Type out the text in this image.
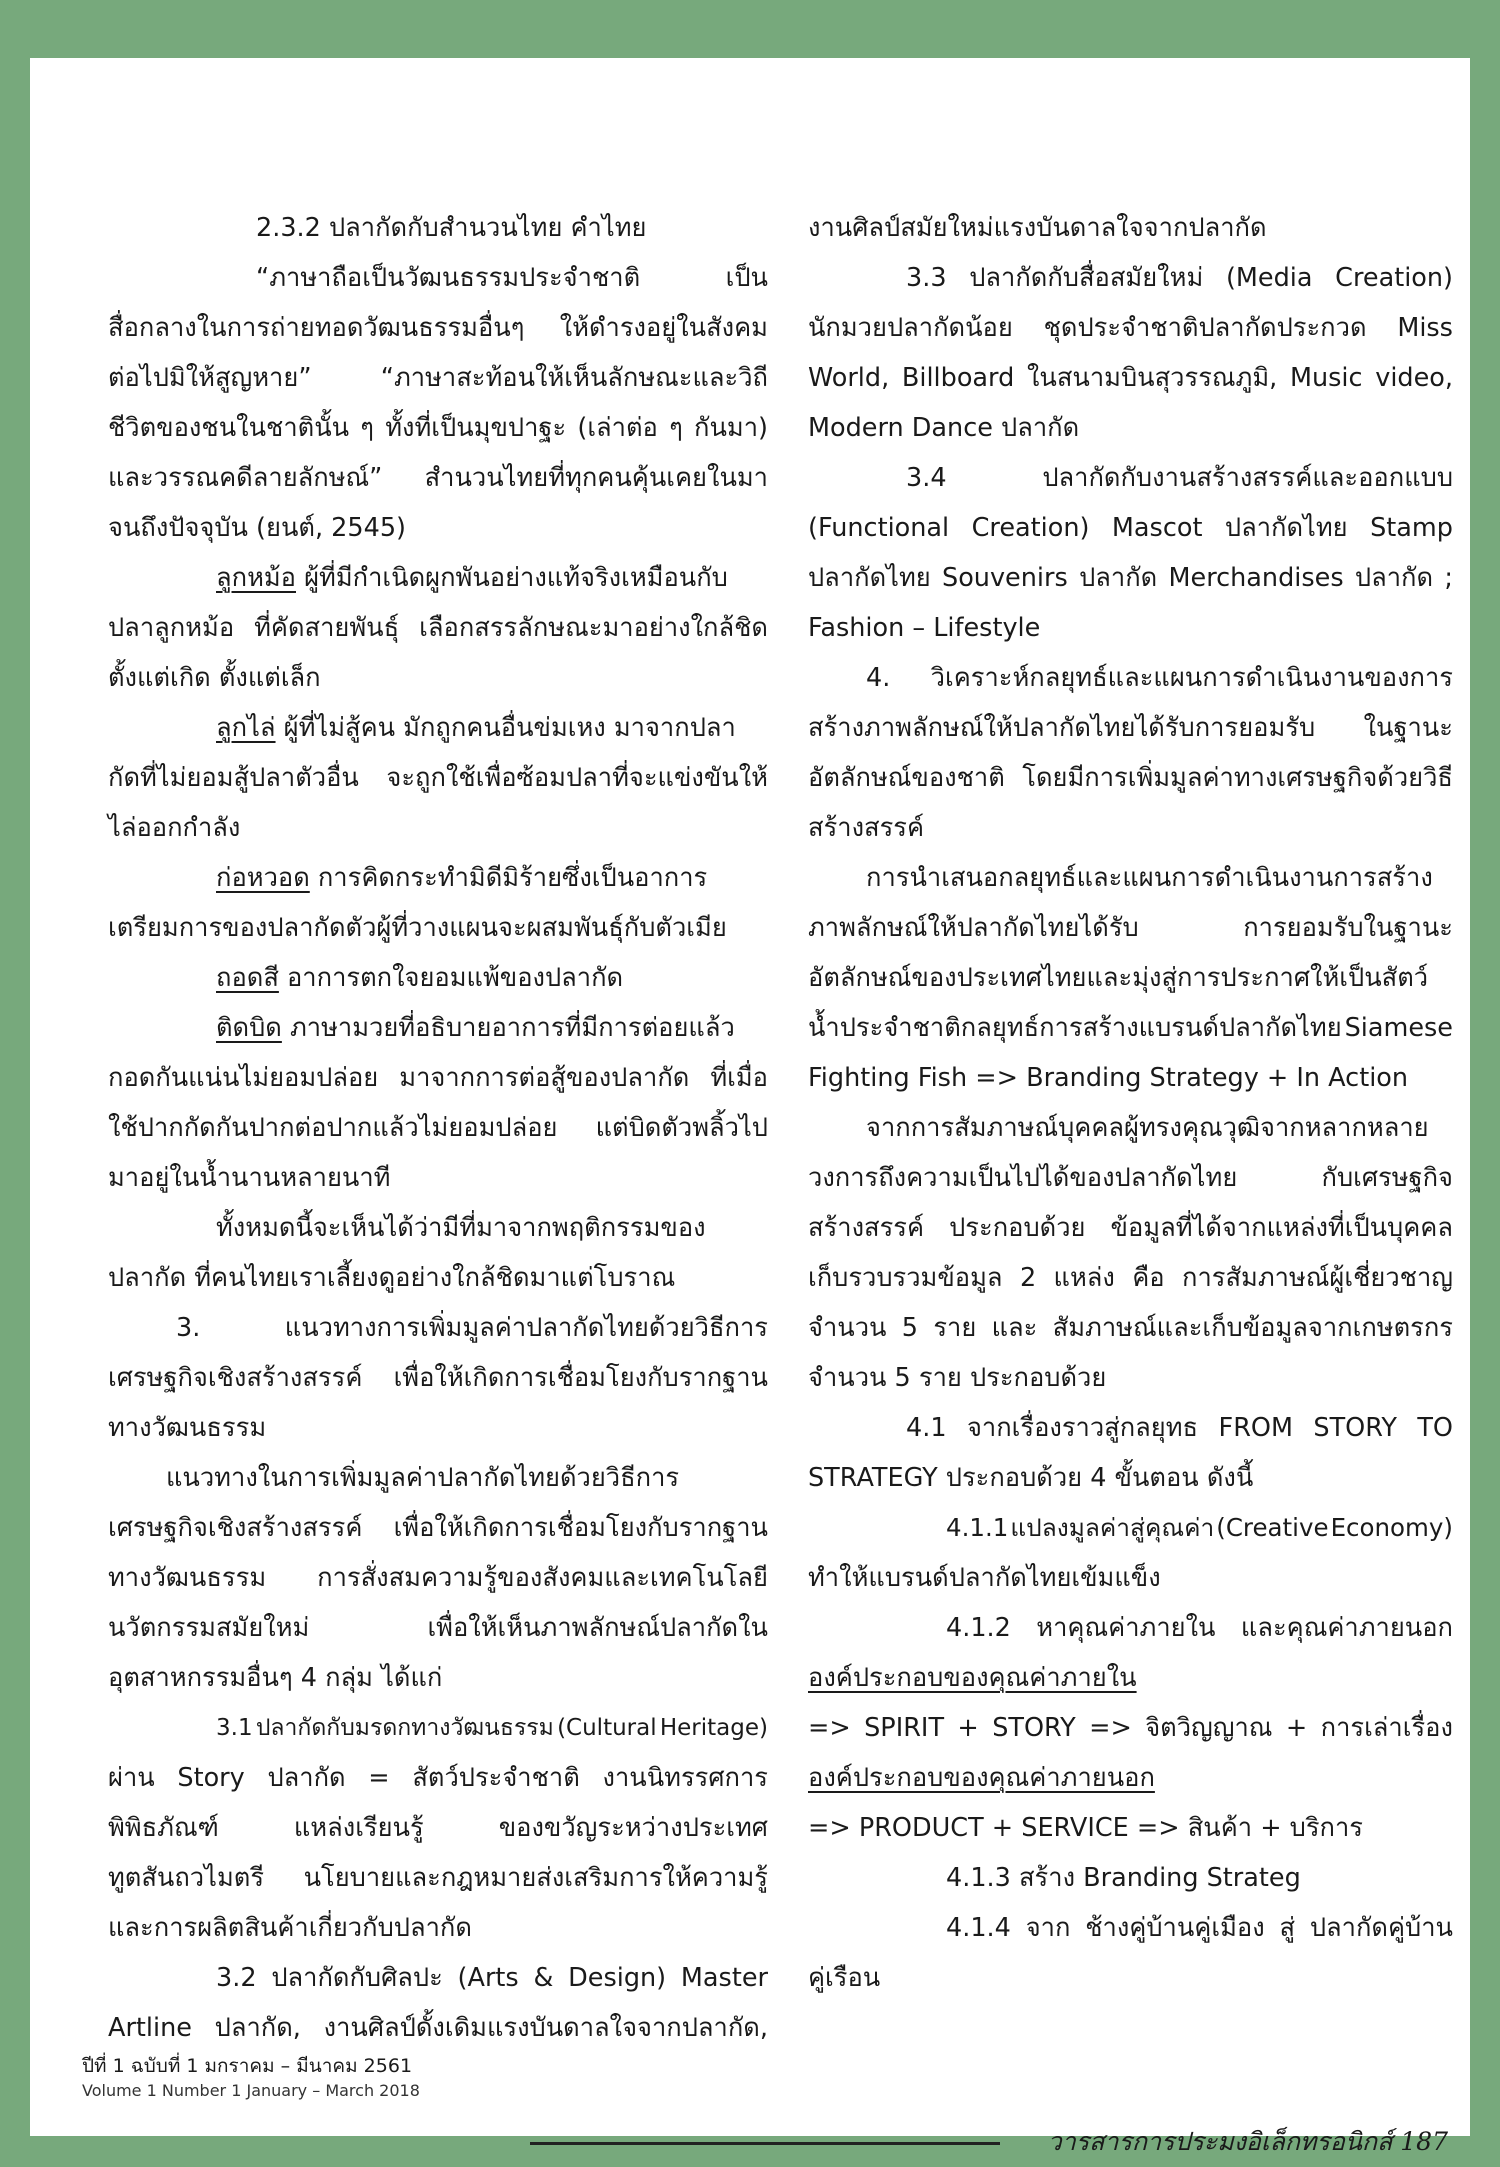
2.3.2 ปลากัดกับสำนวนไทย คำไทย
“ภาษาถือเป็นวัฒนธรรมประจำชาติ	เป็น
สื่อกลางในการถ่ายทอดวัฒนธรรมอื่นๆ ให้ดำรงอยู่ในสังคม
ต่อไปมิให้สูญหาย”	“ภาษาสะท้อนให้เห็นลักษณะและวิถี
ชีวิตของชนในชาตินั้น ๆ ทั้งที่เป็นมุขปาฐะ (เล่าต่อ ๆ กันมา)
และวรรณคดีลายลักษณ์” สำนวนไทยที่ทุกคนคุ้นเคยในมา
จนถึงปัจจุบัน (ยนต์, 2545)
ลูกหม้อ ผู้ที่มีกำเนิดผูกพันอย่างแท้จริงเหมือนกับ
ปลาลูกหม้อ ที่คัดสายพันธุ์ เลือกสรรลักษณะมาอย่างใกล้ชิด
ตั้งแต่เกิด ตั้งแต่เล็ก
ลูกไล่ ผู้ที่ไม่สู้คน มักถูกคนอื่นข่มเหง มาจากปลา
กัดที่ไม่ยอมสู้ปลาตัวอื่น จะถูกใช้เพื่อซ้อมปลาที่จะแข่งขันให้
ไล่ออกกำลัง
ก่อหวอด การคิดกระทำมิดีมิร้ายซึ่งเป็นอาการ
เตรียมการของปลากัดตัวผู้ที่วางแผนจะผสมพันธุ์กับตัวเมีย
ถอดสี อาการตกใจยอมแพ้ของปลากัด
ติดบิด ภาษามวยที่อธิบายอาการที่มีการต่อยแล้ว
กอดกันแน่นไม่ยอมปล่อย มาจากการต่อสู้ของปลากัด ที่เมื่อ
ใช้ปากกัดกันปากต่อปากแล้วไม่ยอมปล่อย แต่บิดตัวพลิ้วไป
มาอยู่ในน้ำนานหลายนาที
ทั้งหมดนี้จะเห็นได้ว่ามีที่มาจากพฤติกรรมของ
ปลากัด ที่คนไทยเราเลี้ยงดูอย่างใกล้ชิดมาแต่โบราณ
3.	แนวทางการเพิ่มมูลค่าปลากัดไทยด้วยวิธีการ
เศรษฐกิจเชิงสร้างสรรค์ เพื่อให้เกิดการเชื่อมโยงกับรากฐาน
ทางวัฒนธรรม
แนวทางในการเพิ่มมูลค่าปลากัดไทยด้วยวิธีการ
เศรษฐกิจเชิงสร้างสรรค์ เพื่อให้เกิดการเชื่อมโยงกับรากฐาน
ทางวัฒนธรรม การสั่งสมความรู้ของสังคมและเทคโนโลยี
นวัตกรรมสมัยใหม่	เพื่อให้เห็นภาพลักษณ์ปลากัดใน
อุตสาหกรรมอื่นๆ 4 กลุ่ม ได้แก่
3.1 ปลากัดกับมรดกทางวัฒนธรรม (Cultural Heritage)
ผ่าน Story ปลากัด = สัตว์ประจำชาติ งานนิทรรศการ
พิพิธภัณฑ์	แหล่งเรียนรู้	ของขวัญระหว่างประเทศ
ทูตสันถวไมตรี นโยบายและกฎหมายส่งเสริมการให้ความรู้
และการผลิตสินค้าเกี่ยวกับปลากัด
3.2 ปลากัดกับศิลปะ (Arts & Design) Master
Artline ปลากัด, งานศิลป์ดั้งเดิมแรงบันดาลใจจากปลากัด,
งานศิลป์สมัยใหม่แรงบันดาลใจจากปลากัด
3.3 ปลากัดกับสื่อสมัยใหม่ (Media Creation)
นักมวยปลากัดน้อย ชุดประจำชาติปลากัดประกวด Miss
World, Billboard ในสนามบินสุวรรณภูมิ, Music video,
Modern Dance ปลากัด
3.4	ปลากัดกับงานสร้างสรรค์และออกแบบ
(Functional Creation) Mascot ปลากัดไทย Stamp
ปลากัดไทย Souvenirs ปลากัด Merchandises ปลากัด ;
Fashion – Lifestyle
4. วิเคราะห์กลยุทธ์และแผนการดำเนินงานของการ
สร้างภาพลักษณ์ให้ปลากัดไทยได้รับการยอมรับ ในฐานะ
อัตลักษณ์ของชาติ โดยมีการเพิ่มมูลค่าทางเศรษฐกิจด้วยวิธี
สร้างสรรค์
การนำเสนอกลยุทธ์และแผนการดำเนินงานการสร้าง
ภาพลักษณ์ให้ปลากัดไทยได้รับ	การยอมรับในฐานะ
อัตลักษณ์ของประเทศไทยและมุ่งสู่การประกาศให้เป็นสัตว์
น้ำประจำชาติกลยุทธ์การสร้างแบรนด์ปลากัดไทย Siamese
Fighting Fish => Branding Strategy + In Action
จากการสัมภาษณ์บุคคลผู้ทรงคุณวุฒิจากหลากหลาย
วงการถึงความเป็นไปได้ของปลากัดไทย	กับเศรษฐกิจ
สร้างสรรค์ ประกอบด้วย ข้อมูลที่ได้จากแหล่งที่เป็นบุคคล
เก็บรวบรวมข้อมูล 2 แหล่ง คือ การสัมภาษณ์ผู้เชี่ยวชาญ
จำนวน 5 ราย และ สัมภาษณ์และเก็บข้อมูลจากเกษตรกร
จำนวน 5 ราย ประกอบด้วย
4.1 จากเรื่องราวสู่กลยุทธ FROM STORY TO
STRATEGY ประกอบด้วย 4 ขั้นตอน ดังนี้
4.1.1 แปลงมูลค่าสู่คุณค่า (Creative Economy)
ทำให้แบรนด์ปลากัดไทยเข้มแข็ง
4.1.2 หาคุณค่าภายใน และคุณค่าภายนอก
องค์ประกอบของคุณค่าภายใน
=> SPIRIT + STORY => จิตวิญญาณ + การเล่าเรื่อง
องค์ประกอบของคุณค่าภายนอก
=> PRODUCT + SERVICE => สินค้า + บริการ
4.1.3 สร้าง Branding Strateg
4.1.4 จาก ช้างคู่บ้านคู่เมือง สู่ ปลากัดคู่บ้าน
คู่เรือน
ปีที่ 1 ฉบับที่ 1 มกราคม – มีนาคม 2561
Volume 1 Number 1 January – March 2018
วารสารการประมงอิเล็กทรอนิกส์ 187
